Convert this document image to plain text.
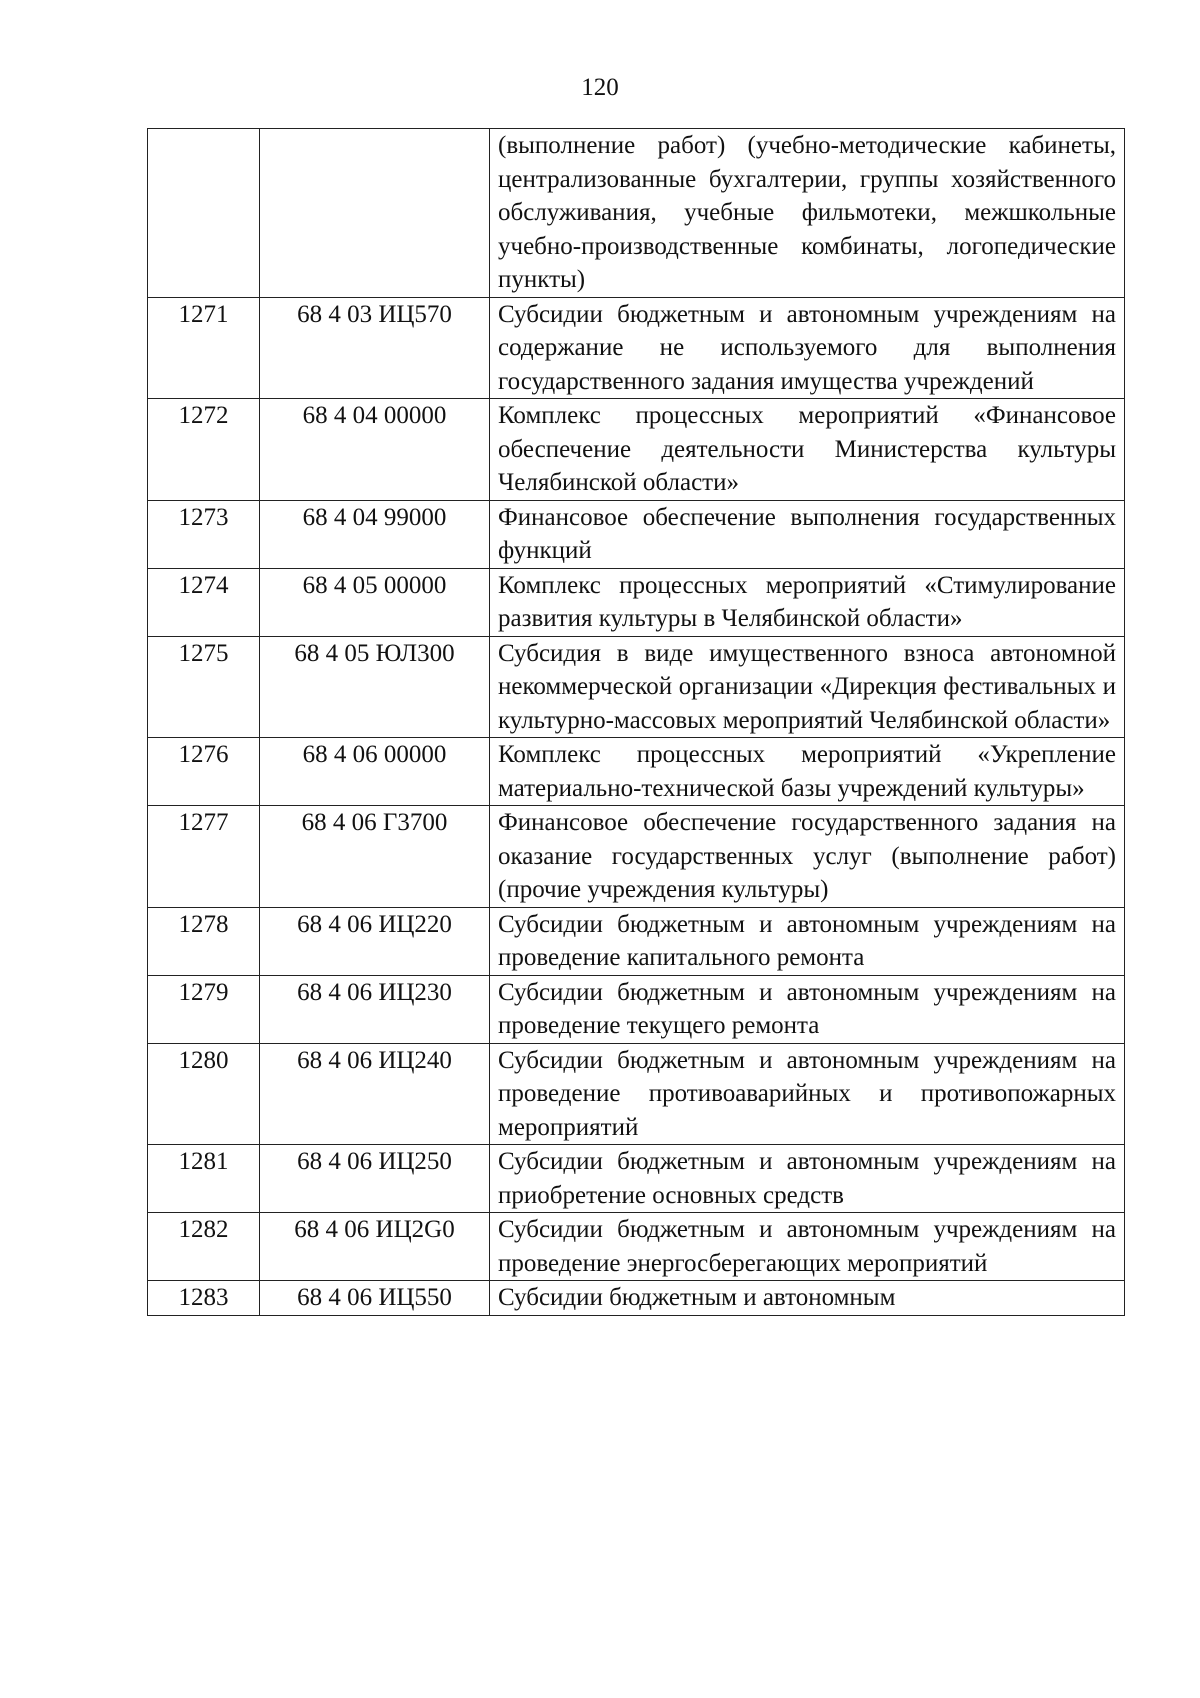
120
		(выполнение работ) (учебно-методические кабинеты, централизованные бухгалтерии, группы хозяйственного обслуживания, учебные фильмотеки, межшкольные учебно-производственные комбинаты, логопедические пункты)
1271	68 4 03 ИЦ570	Субсидии бюджетным и автономным учреждениям на содержание не используемого для выполнения государственного задания имущества учреждений
1272	68 4 04 00000	Комплекс процессных мероприятий «Финансовое обеспечение деятельности Министерства культуры Челябинской области»
1273	68 4 04 99000	Финансовое обеспечение выполнения государственных функций
1274	68 4 05 00000	Комплекс процессных мероприятий «Стимулирование развития культуры в Челябинской области»
1275	68 4 05 ЮЛ300	Субсидия в виде имущественного взноса автономной некоммерческой организации «Дирекция фестивальных и культурно-массовых мероприятий Челябинской области»
1276	68 4 06 00000	Комплекс процессных мероприятий «Укрепление материально-технической базы учреждений культуры»
1277	68 4 06 Г3700	Финансовое обеспечение государственного задания на оказание государственных услуг (выполнение работ) (прочие учреждения культуры)
1278	68 4 06 ИЦ220	Субсидии бюджетным и автономным учреждениям на проведение капитального ремонта
1279	68 4 06 ИЦ230	Субсидии бюджетным и автономным учреждениям на проведение текущего ремонта
1280	68 4 06 ИЦ240	Субсидии бюджетным и автономным учреждениям на проведение противоаварийных и противопожарных мероприятий
1281	68 4 06 ИЦ250	Субсидии бюджетным и автономным учреждениям на приобретение основных средств
1282	68 4 06 ИЦ2G0	Субсидии бюджетным и автономным учреждениям на проведение энергосберегающих мероприятий
1283	68 4 06 ИЦ550	Субсидии бюджетным и автономным
